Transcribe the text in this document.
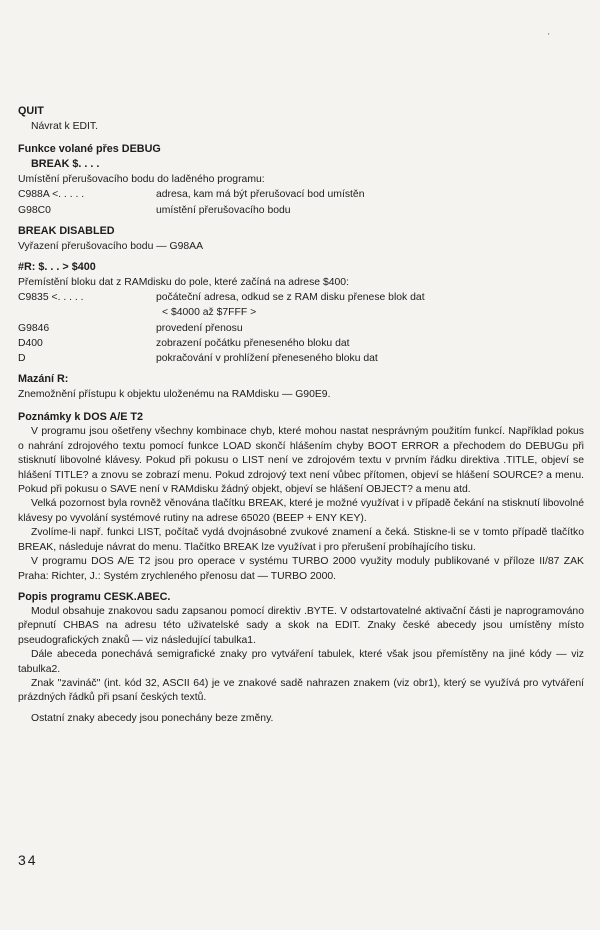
'
QUIT
Návrat k EDIT.
Funkce volané přes DEBUG
BREAK $. . . .
Umístění přerušovacího bodu do laděného programu:
C988A <. . . . .	adresa, kam má být přerušovací bod umístěn
G98C0	umístění přerušovacího bodu
BREAK DISABLED
Vyřazení přerušovacího bodu — G98AA
#R: $. . . > $400
Přemístění bloku dat z RAMdisku do pole, které začíná na adrese $400:
C9835 <. . . . .	počáteční adresa, odkud se z RAM disku přenese blok dat
< $4000 až $7FFF >
G9846	provedení přenosu
D400	zobrazení počátku přeneseného bloku dat
D	pokračování v prohlížení přeneseného bloku dat
Mazání R:
Znemožnění přístupu k objektu uloženému na RAMdisku — G90E9.
Poznámky k DOS A/E T2
V programu jsou ošetřeny všechny kombinace chyb, které mohou nastat nesprávným použitím funkcí. Například pokus o nahrání zdrojového textu pomocí funkce LOAD skončí hlášením chyby BOOT ERROR a přechodem do DEBUGu při stisknutí libovolné klávesy. Pokud při pokusu o LIST není ve zdrojovém textu v prvním řádku direktiva .TITLE, objeví se hlášení TITLE? a znovu se zobrazí menu. Pokud zdrojový text není vůbec přítomen, objeví se hlášení SOURCE? a menu. Pokud při pokusu o SAVE není v RAMdisku žádný objekt, objeví se hlášení OBJECT? a menu atd.
Velká pozornost byla rovněž věnována tlačítku BREAK, které je možné využívat i v případě čekání na stisknutí libovolné klávesy po vyvolání systémové rutiny na adrese 65020 (BEEP + ENY KEY).
Zvolíme-li např. funkci LIST, počítač vydá dvojnásobné zvukové znamení a čeká. Stiskne-li se v tomto případě tlačítko BREAK, následuje návrat do menu. Tlačítko BREAK lze využívat i pro přerušení probíhajícího tisku.
V programu DOS A/E T2 jsou pro operace v systému TURBO 2000 využity moduly publikované v příloze II/87 ZAK Praha: Richter, J.: Systém zrychleného přenosu dat — TURBO 2000.
Popis programu CESK.ABEC.
Modul obsahuje znakovou sadu zapsanou pomocí direktiv .BYTE. V odstartovatelné aktivační části je naprogramováno přepnutí CHBAS na adresu této uživatelské sady a skok na EDIT. Znaky české abecedy jsou umístěny místo pseudografických znaků — viz následující tabulka1.
Dále abeceda ponechává semigrafické znaky pro vytváření tabulek, které však jsou přemístěny na jiné kódy — viz tabulka2.
Znak "zavináč" (int. kód 32, ASCII 64) je ve znakové sadě nahrazen znakem (viz obr1), který se využívá pro vytváření prázdných řádků při psaní českých textů.
Ostatní znaky abecedy jsou ponechány beze změny.
34
